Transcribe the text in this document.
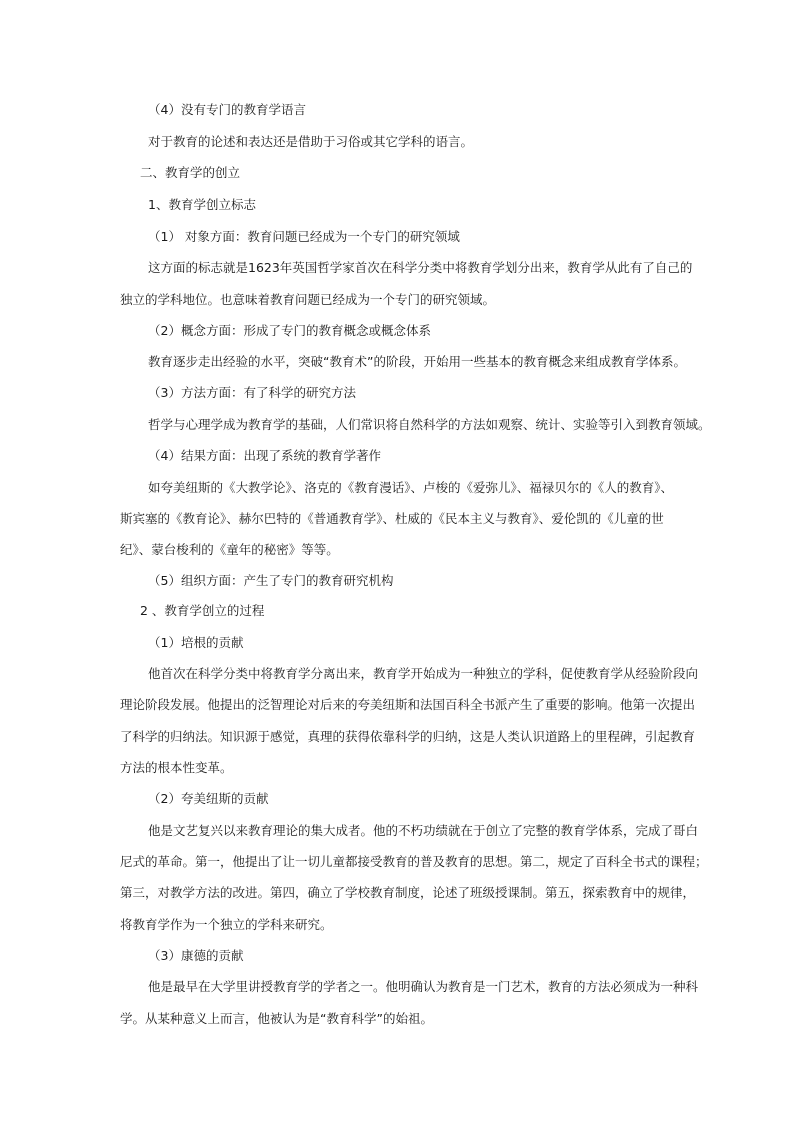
（4）没有专门的教育学语言

对于教育的论述和表达还是借助于习俗或其它学科的语言。

二、教育学的创立

1、教育学创立标志

（1） 对象方面：教育问题已经成为一个专门的研究领域

这方面的标志就是1623年英国哲学家首次在科学分类中将教育学划分出来，教育学从此有了自己的

独立的学科地位。也意味着教育问题已经成为一个专门的研究领域。

（2）概念方面：形成了专门的教育概念或概念体系

教育逐步走出经验的水平，突破“教育术”的阶段，开始用一些基本的教育概念来组成教育学体系。

（3）方法方面：有了科学的研究方法

哲学与心理学成为教育学的基础，人们常识将自然科学的方法如观察、统计、实验等引入到教育领域。

（4）结果方面：出现了系统的教育学著作

如夸美纽斯的《大教学论》、洛克的《教育漫话》、卢梭的《爱弥儿》、福禄贝尔的《人的教育》、

斯宾塞的《教育论》、赫尔巴特的《普通教育学》、杜威的《民本主义与教育》、爱伦凯的《儿童的世

纪》、蒙台梭利的《童年的秘密》等等。

（5）组织方面：产生了专门的教育研究机构

2 、教育学创立的过程

（1）培根的贡献

他首次在科学分类中将教育学分离出来，教育学开始成为一种独立的学科，促使教育学从经验阶段向

理论阶段发展。他提出的泛智理论对后来的夸美纽斯和法国百科全书派产生了重要的影响。他第一次提出

了科学的归纳法。知识源于感觉，真理的获得依靠科学的归纳，这是人类认识道路上的里程碑，引起教育

方法的根本性变革。

（2）夸美纽斯的贡献

他是文艺复兴以来教育理论的集大成者。他的不朽功绩就在于创立了完整的教育学体系，完成了哥白

尼式的革命。第一，他提出了让一切儿童都接受教育的普及教育的思想。第二，规定了百科全书式的课程；

第三，对教学方法的改进。第四，确立了学校教育制度，论述了班级授课制。第五，探索教育中的规律，

将教育学作为一个独立的学科来研究。

（3）康德的贡献

他是最早在大学里讲授教育学的学者之一。他明确认为教育是一门艺术，教育的方法必须成为一种科

学。从某种意义上而言，他被认为是“教育科学”的始祖。
